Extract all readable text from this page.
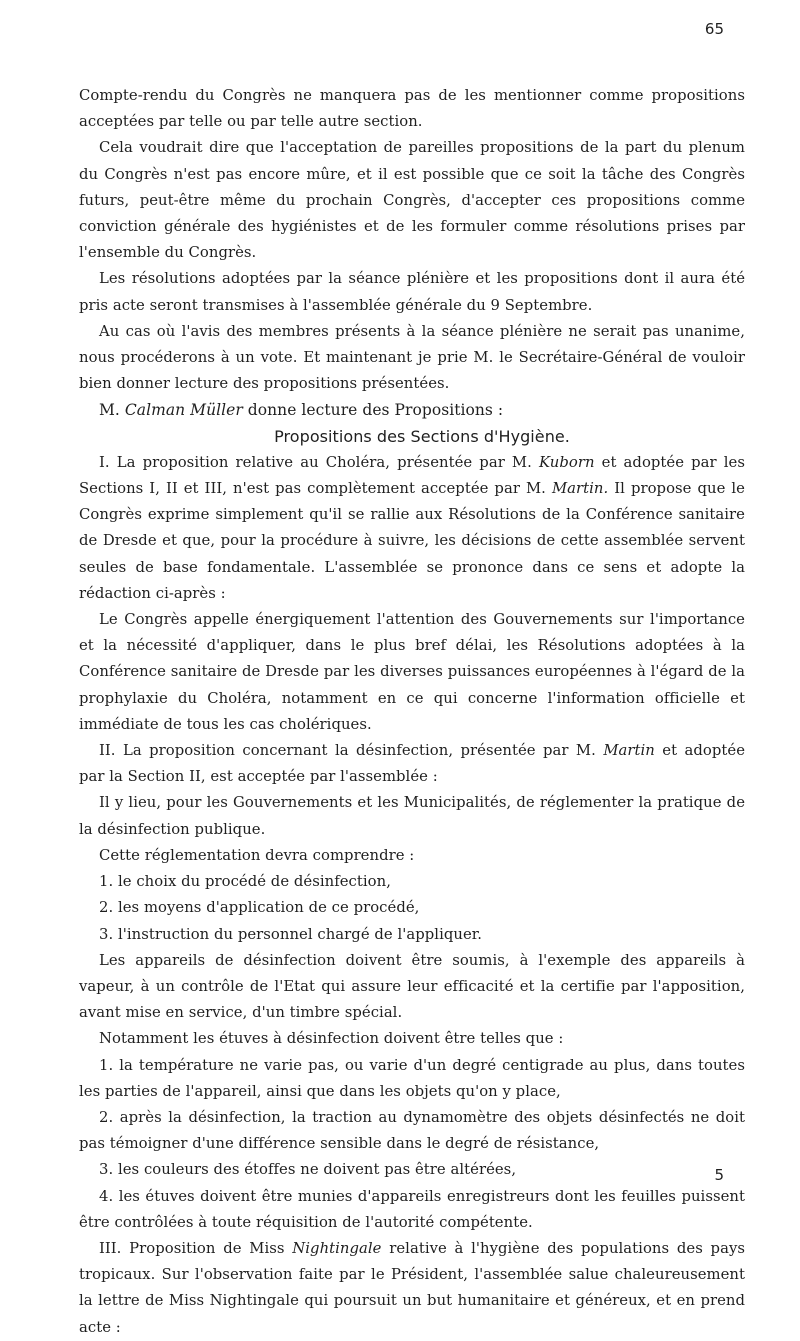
65

Compte-rendu du Congrès ne manquera pas de les mentionner comme propositions acceptées par telle ou par telle autre section.

Cela voudrait dire que l'acceptation de pareilles propositions de la part du plenum du Congrès n'est pas encore mûre, et il est possible que ce soit la tâche des Congrès futurs, peut-être même du prochain Congrès, d'accepter ces propositions comme conviction générale des hygiénistes et de les formuler comme résolutions prises par l'ensemble du Congrès.

Les résolutions adoptées par la séance plénière et les propositions dont il aura été pris acte seront transmises à l'assemblée générale du 9 Septembre.

Au cas où l'avis des membres présents à la séance plénière ne serait pas unanime, nous procéderons à un vote. Et maintenant je prie M. le Secrétaire-Général de vouloir bien donner lecture des propositions présentées.

M. Calman Müller donne lecture des Propositions :

Propositions des Sections d'Hygiène.

I. La proposition relative au Choléra, présentée par M. Kuborn et adoptée par les Sections I, II et III, n'est pas complètement acceptée par M. Martin. Il propose que le Congrès exprime simplement qu'il se rallie aux Résolutions de la Conférence sanitaire de Dresde et que, pour la procédure à suivre, les décisions de cette assemblée servent seules de base fondamentale. L'assemblée se prononce dans ce sens et adopte la rédaction ci-après :

Le Congrès appelle énergiquement l'attention des Gouvernements sur l'importance et la nécessité d'appliquer, dans le plus bref délai, les Résolutions adoptées à la Conférence sanitaire de Dresde par les diverses puissances européennes à l'égard de la prophylaxie du Choléra, notamment en ce qui concerne l'information officielle et immédiate de tous les cas cholériques.

II. La proposition concernant la désinfection, présentée par M. Martin et adoptée par la Section II, est acceptée par l'assemblée :

Il y lieu, pour les Gouvernements et les Municipalités, de réglementer la pratique de la désinfection publique.

Cette réglementation devra comprendre :

1. le choix du procédé de désinfection,

2. les moyens d'application de ce procédé,

3. l'instruction du personnel chargé de l'appliquer.

Les appareils de désinfection doivent être soumis, à l'exemple des appareils à vapeur, à un contrôle de l'Etat qui assure leur efficacité et la certifie par l'apposition, avant mise en service, d'un timbre spécial.

Notamment les étuves à désinfection doivent être telles que :

1. la température ne varie pas, ou varie d'un degré centigrade au plus, dans toutes les parties de l'appareil, ainsi que dans les objets qu'on y place,

2. après la désinfection, la traction au dynamomètre des objets désinfectés ne doit pas témoigner d'une différence sensible dans le degré de résistance,

3. les couleurs des étoffes ne doivent pas être altérées,

4. les étuves doivent être munies d'appareils enregistreurs dont les feuilles puissent être contrôlées à toute réquisition de l'autorité compétente.

III. Proposition de Miss Nightingale relative à l'hygiène des populations des pays tropicaux. Sur l'observation faite par le Président, l'assemblée salue chaleureusement la lettre de Miss Nightingale qui poursuit un but humanitaire et généreux, et en prend acte :

5
